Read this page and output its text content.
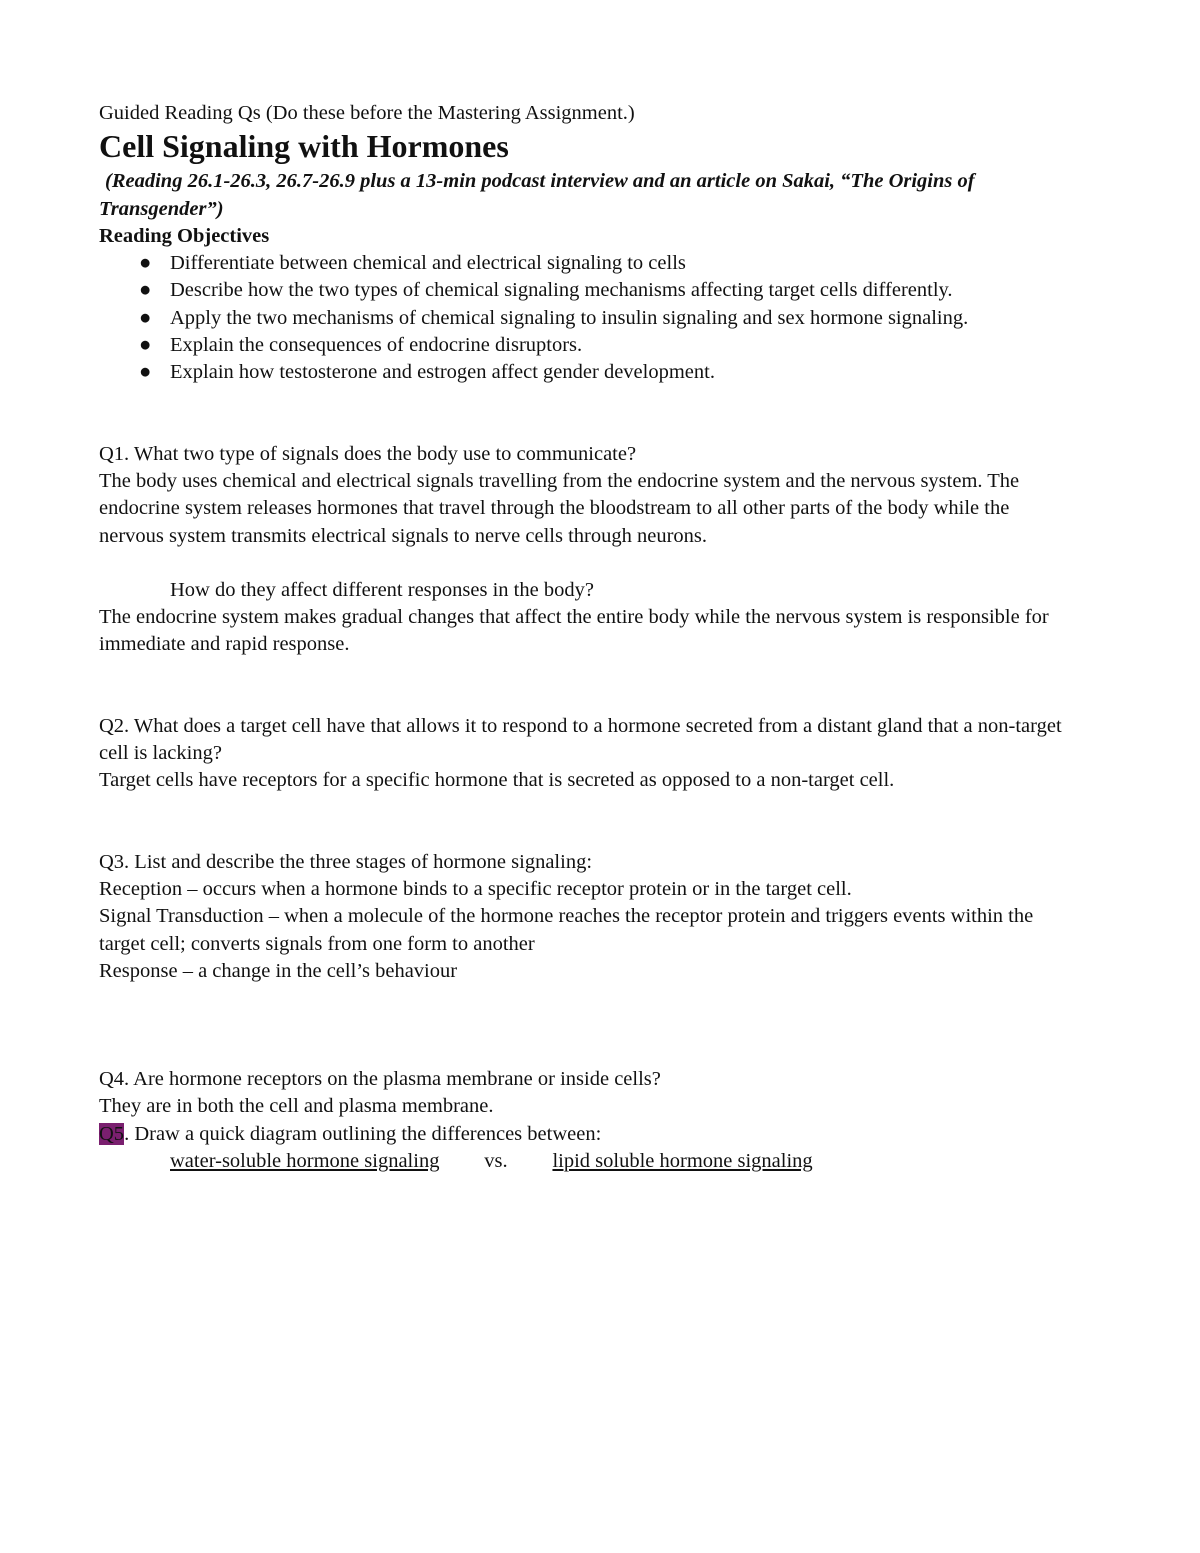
Guided Reading Qs (Do these before the Mastering Assignment.)

Cell Signaling with Hormones

(Reading 26.1-26.3, 26.7-26.9 plus a 13-min podcast interview and an article on Sakai, “The Origins of Transgender”)

Reading Objectives

● Differentiate between chemical and electrical signaling to cells
● Describe how the two types of chemical signaling mechanisms affecting target cells differently.
● Apply the two mechanisms of chemical signaling to insulin signaling and sex hormone signaling.
● Explain the consequences of endocrine disruptors.
● Explain how testosterone and estrogen affect gender development.

Q1. What two type of signals does the body use to communicate?

The body uses chemical and electrical signals travelling from the endocrine system and the nervous system. The endocrine system releases hormones that travel through the bloodstream to all other parts of the body while the nervous system transmits electrical signals to nerve cells through neurons.

How do they affect different responses in the body?

The endocrine system makes gradual changes that affect the entire body while the nervous system is responsible for immediate and rapid response.

Q2. What does a target cell have that allows it to respond to a hormone secreted from a distant gland that a non-target cell is lacking?

Target cells have receptors for a specific hormone that is secreted as opposed to a non-target cell.

Q3. List and describe the three stages of hormone signaling:

Reception – occurs when a hormone binds to a specific receptor protein or in the target cell.

Signal Transduction – when a molecule of the hormone reaches the receptor protein and triggers events within the target cell; converts signals from one form to another

Response – a change in the cell’s behaviour

Q4. Are hormone receptors on the plasma membrane or inside cells?

They are in both the cell and plasma membrane.

Q5. Draw a quick diagram outlining the differences between:

water-soluble hormone signaling	vs.	lipid soluble hormone signaling
